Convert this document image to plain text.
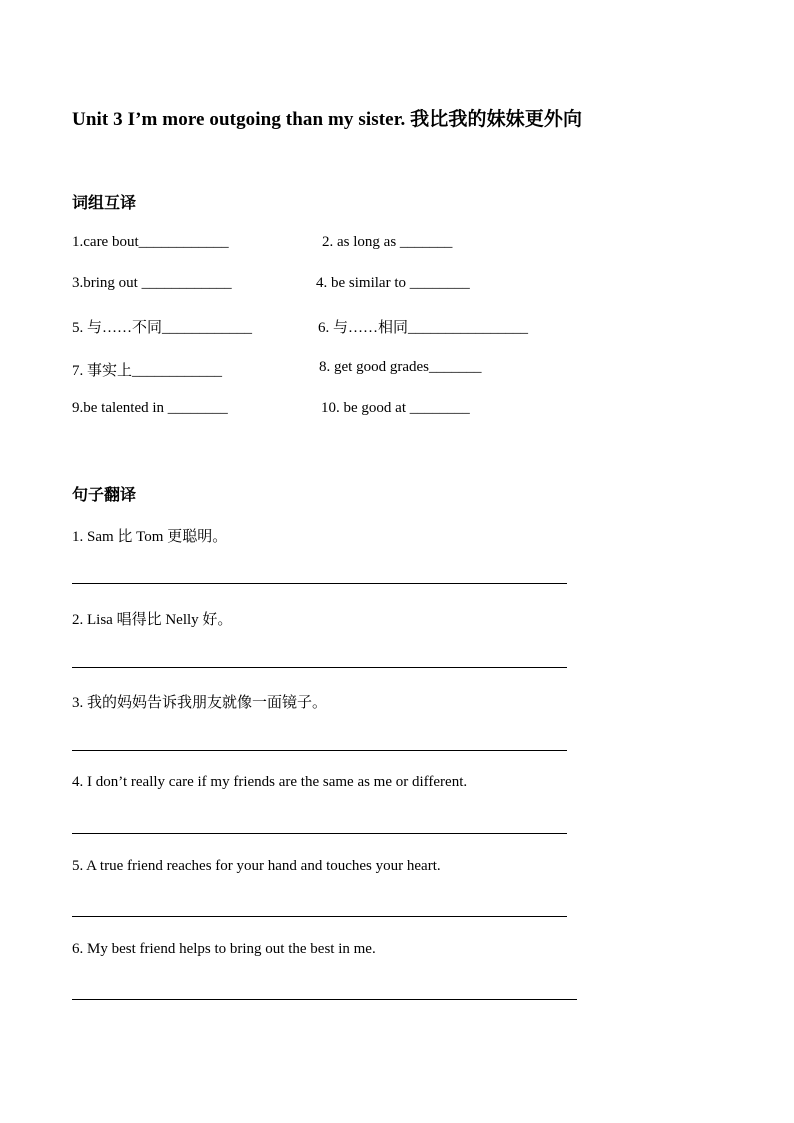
Unit 3 I’m more outgoing than my sister. 我比我的妹妹更外向
词组互译
1.care bout____________	2. as long as _______
3.bring out ____________	4. be similar to ________
5. 与……不同____________	6. 与……相同________________
7. 事实上____________	8. get good grades_______
9.be talented in ________	10. be good at ________
句子翻译
1. Sam 比 Tom 更聪明。
2. Lisa 唱得比 Nelly 好。
3. 我的妈妈告诉我朋友就像一面镜子。
4. I don’t really care if my friends are the same as me or different.
5. A true friend reaches for your hand and touches your heart.
6. My best friend helps to bring out the best in me.
